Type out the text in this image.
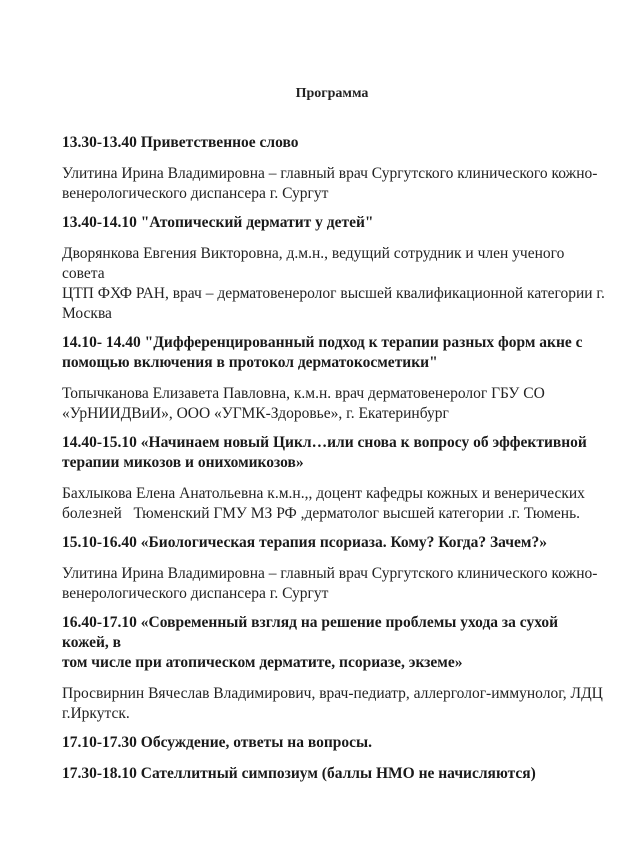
Программа
13.30-13.40 Приветственное слово
Улитина Ирина Владимировна – главный врач Сургутского клинического кожно-
венерологического диспансера г. Сургут
13.40-14.10 "Атопический дерматит у детей"
Дворянкова Евгения Викторовна, д.м.н., ведущий сотрудник и член ученого совета
ЦТП ФХФ РАН, врач – дерматовенеролог высшей квалификационной категории г.
Москва
14.10- 14.40 "Дифференцированный подход к терапии разных форм акне с
помощью включения в протокол дерматокосметики"
Топычканова Елизавета Павловна, к.м.н. врач дерматовенеролог ГБУ СО
«УрНИИДВиИ», ООО «УГМК-Здоровье», г. Екатеринбург
14.40-15.10 «Начинаем новый Цикл…или снова к вопросу об эффективной
терапии микозов и онихомикозов»
Бахлыкова Елена Анатольевна к.м.н.,, доцент кафедры кожных и венерических
болезней   Тюменский ГМУ МЗ РФ ,дерматолог высшей категории .г. Тюмень.
15.10-16.40 «Биологическая терапия псориаза. Кому? Когда? Зачем?»
Улитина Ирина Владимировна – главный врач Сургутского клинического кожно-
венерологического диспансера г. Сургут
16.40-17.10 «Современный взгляд на решение проблемы ухода за сухой кожей, в
том числе при атопическом дерматите, псориазе, экземе»
Просвирнин Вячеслав Владимирович, врач-педиатр, аллерголог-иммунолог, ЛДЦ
г.Иркутск.
17.10-17.30 Обсуждение, ответы на вопросы.
17.30-18.10 Сателлитный симпозиум (баллы НМО не начисляются)
